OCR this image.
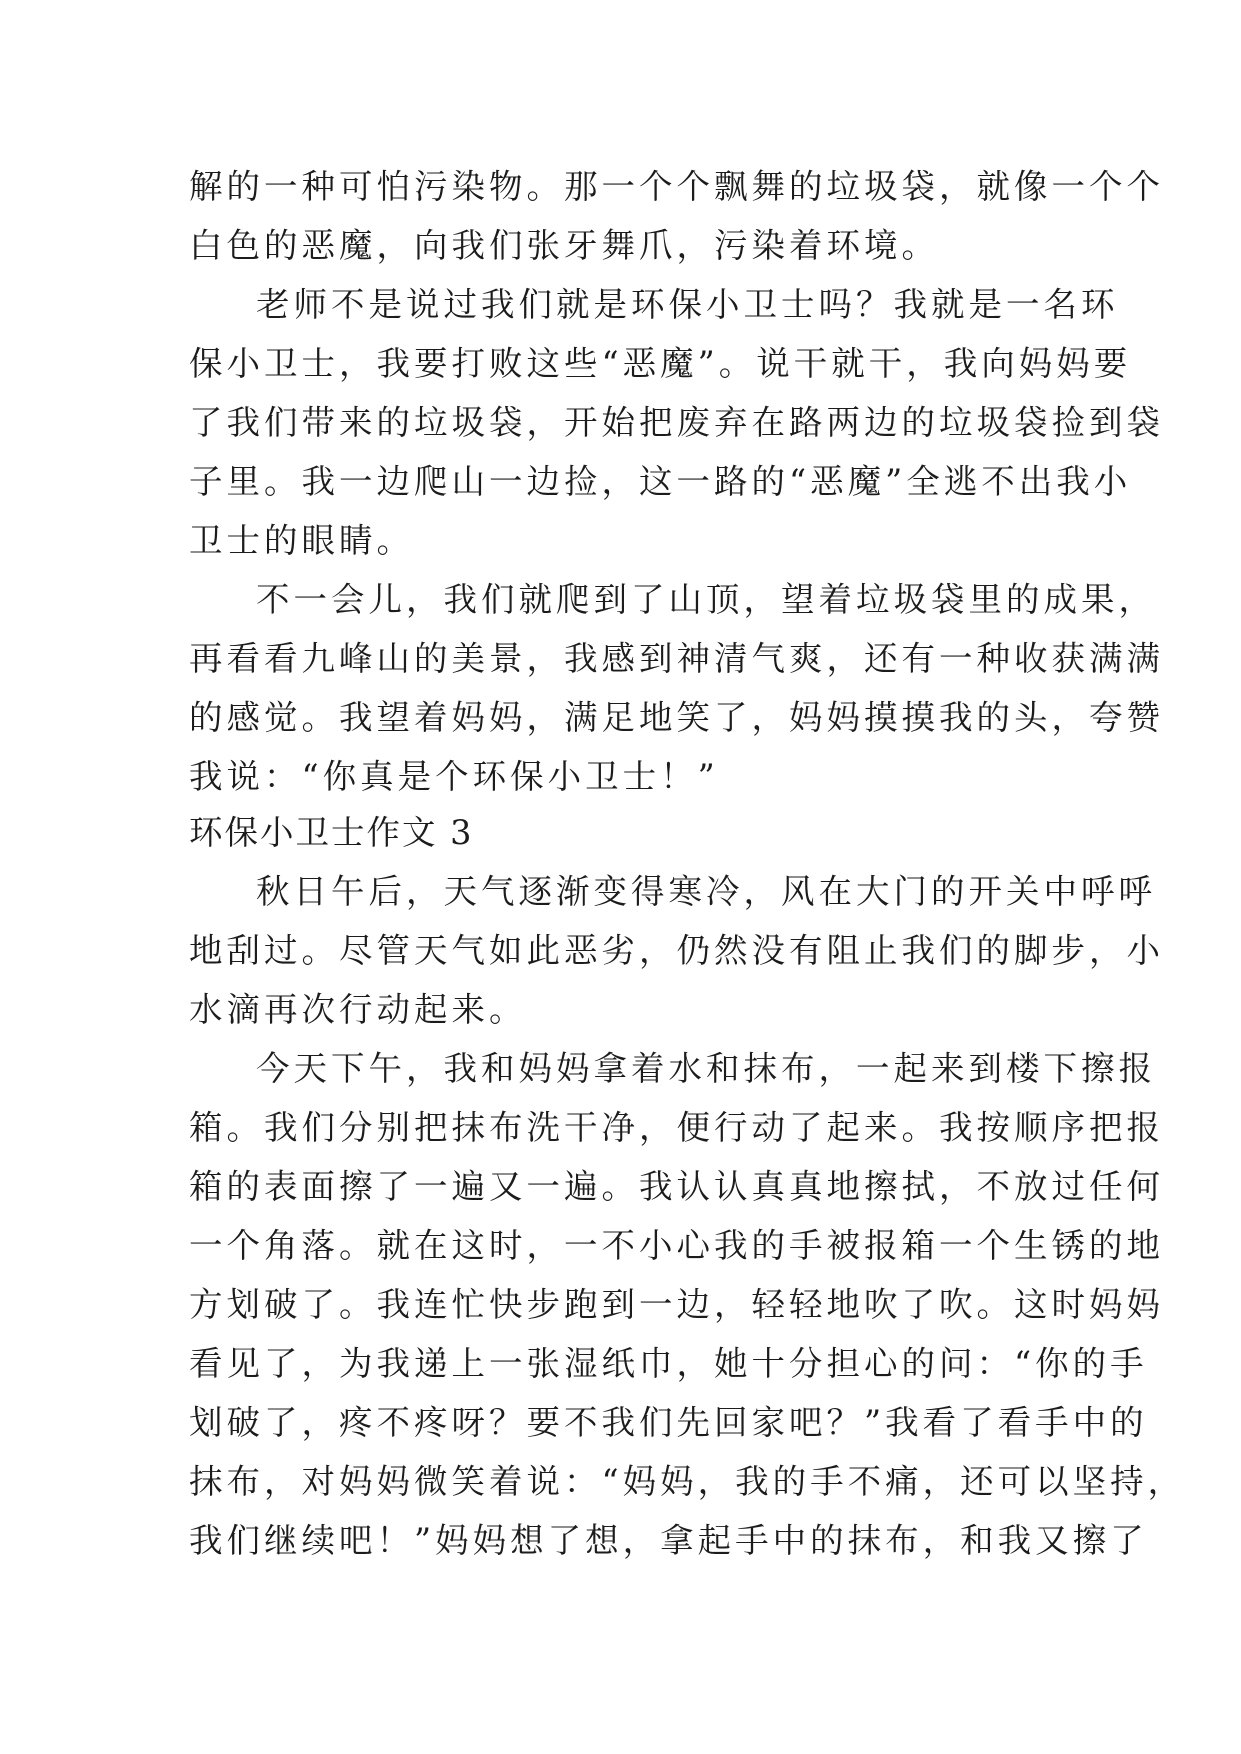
解的一种可怕污染物。那一个个飘舞的垃圾袋，就像一个个
白色的恶魔，向我们张牙舞爪，污染着环境。
老师不是说过我们就是环保小卫士吗？我就是一名环
保小卫士，我要打败这些“恶魔”。说干就干，我向妈妈要
了我们带来的垃圾袋，开始把废弃在路两边的垃圾袋捡到袋
子里。我一边爬山一边捡，这一路的“恶魔”全逃不出我小
卫士的眼睛。
不一会儿，我们就爬到了山顶，望着垃圾袋里的成果，
再看看九峰山的美景，我感到神清气爽，还有一种收获满满
的感觉。我望着妈妈，满足地笑了，妈妈摸摸我的头，夸赞
我说：“你真是个环保小卫士！”
环保小卫士作文 3
秋日午后，天气逐渐变得寒冷，风在大门的开关中呼呼
地刮过。尽管天气如此恶劣，仍然没有阻止我们的脚步，小
水滴再次行动起来。
今天下午，我和妈妈拿着水和抹布，一起来到楼下擦报
箱。我们分别把抹布洗干净，便行动了起来。我按顺序把报
箱的表面擦了一遍又一遍。我认认真真地擦拭，不放过任何
一个角落。就在这时，一不小心我的手被报箱一个生锈的地
方划破了。我连忙快步跑到一边，轻轻地吹了吹。这时妈妈
看见了，为我递上一张湿纸巾，她十分担心的问：“你的手
划破了，疼不疼呀？要不我们先回家吧？”我看了看手中的
抹布，对妈妈微笑着说：“妈妈，我的手不痛，还可以坚持，
我们继续吧！”妈妈想了想，拿起手中的抹布，和我又擦了
